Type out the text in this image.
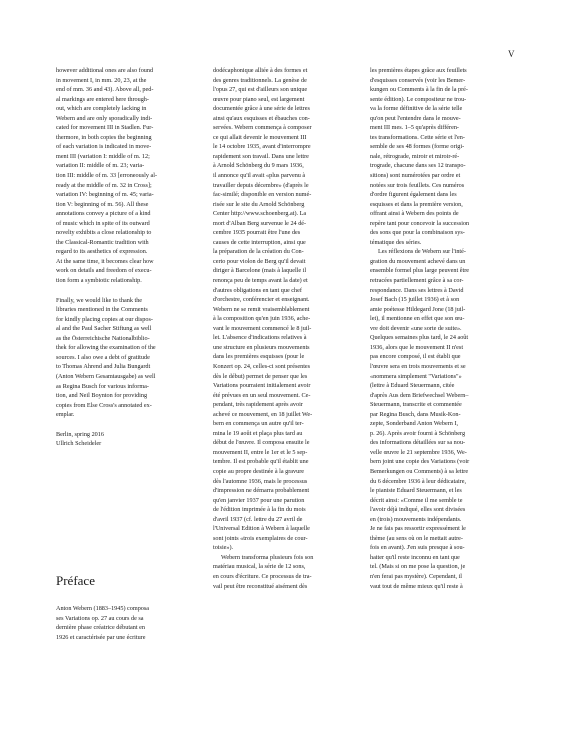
V

however additional ones are also found
in movement I, in mm. 20, 23, at the
end of mm. 36 and 43). Above all, ped-
al markings are entered here through-
out, which are completely lacking in
Webern and are only sporadically indi-
cated for movement III in Stadlen. Fur-
thermore, in both copies the beginning
of each variation is indicated in move-
ment III (variation I: middle of m. 12;
variation II: middle of m. 23; varia-
tion III: middle of m. 33 [erroneously al-
ready at the middle of m. 32 in Cross];
variation IV: beginning of m. 45; varia-
tion V: beginning of m. 56). All these
annotations convey a picture of a kind
of music which in spite of its outward
novelty exhibits a close relationship to
the Classical-Romantic tradition with
regard to its aesthetics of expression.
At the same time, it becomes clear how
work on details and freedom of execu-
tion form a symbiotic relationship.

Finally, we would like to thank the
libraries mentioned in the Comments
for kindly placing copies at our dispos-
al and the Paul Sacher Stiftung as well
as the Österreichische Nationalbiblio-
thek for allowing the examination of the
sources. I also owe a debt of gratitude
to Thomas Ahrend and Julia Bungardt
(Anton Webern Gesamtausgabe) as well
as Regina Busch for various informa-
tion, and Neil Boynton for providing
copies from Else Cross's annotated ex-
emplar.

Berlin, spring 2016
Ullrich Scheideler

Préface
Anton Webern (1883–1945) composa
ses Variations op. 27 au cours de sa
dernière phase créatrice débutant en
1926 et caractérisée par une écriture

dodécaphonique alliée à des formes et
des genres traditionnels. La genèse de
l'opus 27, qui est d'ailleurs son unique
œuvre pour piano seul, est largement
documentée grâce à une série de lettres
ainsi qu'aux esquisses et ébauches con-
servées. Webern commença à composer
ce qui allait devenir le mouvement III
le 14 octobre 1935, avant d'interrompre
rapidement son travail. Dans une lettre
à Arnold Schönberg du 9 mars 1936,
il annonce qu'il avait «plus parvenu à
travailler depuis décembre» (d'après le
fac-similé; disponible en version numé-
risée sur le site du Arnold Schönberg
Center http://www.schoenberg.at). La
mort d'Alban Berg survenue le 24 dé-
cembre 1935 pourrait être l'une des
causes de cette interruption, ainsi que
la préparation de la création du Con-
certo pour violon de Berg qu'il devait
diriger à Barcelone (mais à laquelle il
renonça peu de temps avant la date) et
d'autres obligations en tant que chef
d'orchestre, conférencier et enseignant.
Webern ne se remit vraisemblablement
à la composition qu'en juin 1936, ache-
vant le mouvement commencé le 8 juil-
let. L'absence d'indications relatives à
une structure en plusieurs mouvements
dans les premières esquisses (pour le
Konzert op. 24, celles-ci sont présentes
dès le début) permet de penser que les
Variations pourraient initialement avoir
été prévues en un seul mouvement. Ce-
pendant, très rapidement après avoir
achevé ce mouvement, en 18 juillet We-
bern en commença un autre qu'il ter-
mina le 19 août et plaça plus tard au
début de l'œuvre. Il composa ensuite le
mouvement II, entre le 1er et le 5 sep-
tembre. Il est probable qu'il établit une
copie au propre destinée à la gravure
dès l'automne 1936, mais le processus
d'impression ne démarra probablement
qu'en janvier 1937 pour une parution
de l'édition imprimée à la fin du mois
d'avril 1937 (cf. lettre du 27 avril de
l'Universal Edition à Webern à laquelle
sont joints «trois exemplaires de cour-
toisie»).

Webern transforma plusieurs fois son
matériau musical, la série de 12 sons,
en cours d'écriture. Ce processus de tra-
vail peut être reconstitué aisément dès

les premières étapes grâce aux feuillets
d'esquisses conservés (voir les Bemer-
kungen ou Comments à la fin de la pré-
sente édition). Le compositeur ne trou-
va la forme définitive de la série telle
qu'on peut l'entendre dans le mouve-
ment III mes. 1–5 qu'après différen-
tes transformations. Cette série et l'en-
semble de ses 48 formes (forme origi-
nale, rétrograde, miroir et miroir-ré-
trograde, chacune dans ses 12 transpo-
sitions) sont numérotées par ordre et
notées sur trois feuillets. Ces numéros
d'ordre figurent également dans les
esquisses et dans la première version,
offrant ainsi à Webern des points de
repère tant pour concevoir la succession
des sons que pour la combinaison sys-
tématique des séries.

Les réflexions de Webern sur l'inté-
gration du mouvement achevé dans un
ensemble formel plus large peuvent être
retracées partiellement grâce à sa cor-
respondance. Dans ses lettres à David
Josef Bach (15 juillet 1936) et à son
amie poétesse Hildegard Jone (18 juil-
let), il mentionne en effet que son œu-
vre doit devenir «une sorte de suite».
Quelques semaines plus tard, le 24 août
1936, alors que le mouvement II n'est
pas encore composé, il est établi que
l'œuvre sera en trois mouvements et se
«nommera simplement "Variations"»
(lettre à Eduard Steuermann, citée
d'après Aus dem Briefwechsel Webern–
Steuermann, transcrite et commentée
par Regina Busch, dans Musik-Kon-
zepte, Sonderband Anton Webern I,
p. 26). Après avoir fourni à Schönberg
des informations détaillées sur sa nou-
velle œuvre le 21 septembre 1936, We-
bern joint une copie des Variations (voir
Bemerkungen ou Comments) à sa lettre
du 6 décembre 1936 à leur dédicataire,
le pianiste Eduard Steuermann, et les
décrit ainsi: «Comme il me semble te
l'avoir déjà indiqué, elles sont divisées
en (trois) mouvements indépendants.
Je ne fais pas ressortir expressément le
thème (au sens où on le mettait autre-
fois en avant). J'en suis presque à sou-
haiter qu'il reste inconnu en tant que
tel. (Mais si on me pose la question, je
n'en ferai pas mystère). Cependant, il
vaut tout de même mieux qu'il reste à
